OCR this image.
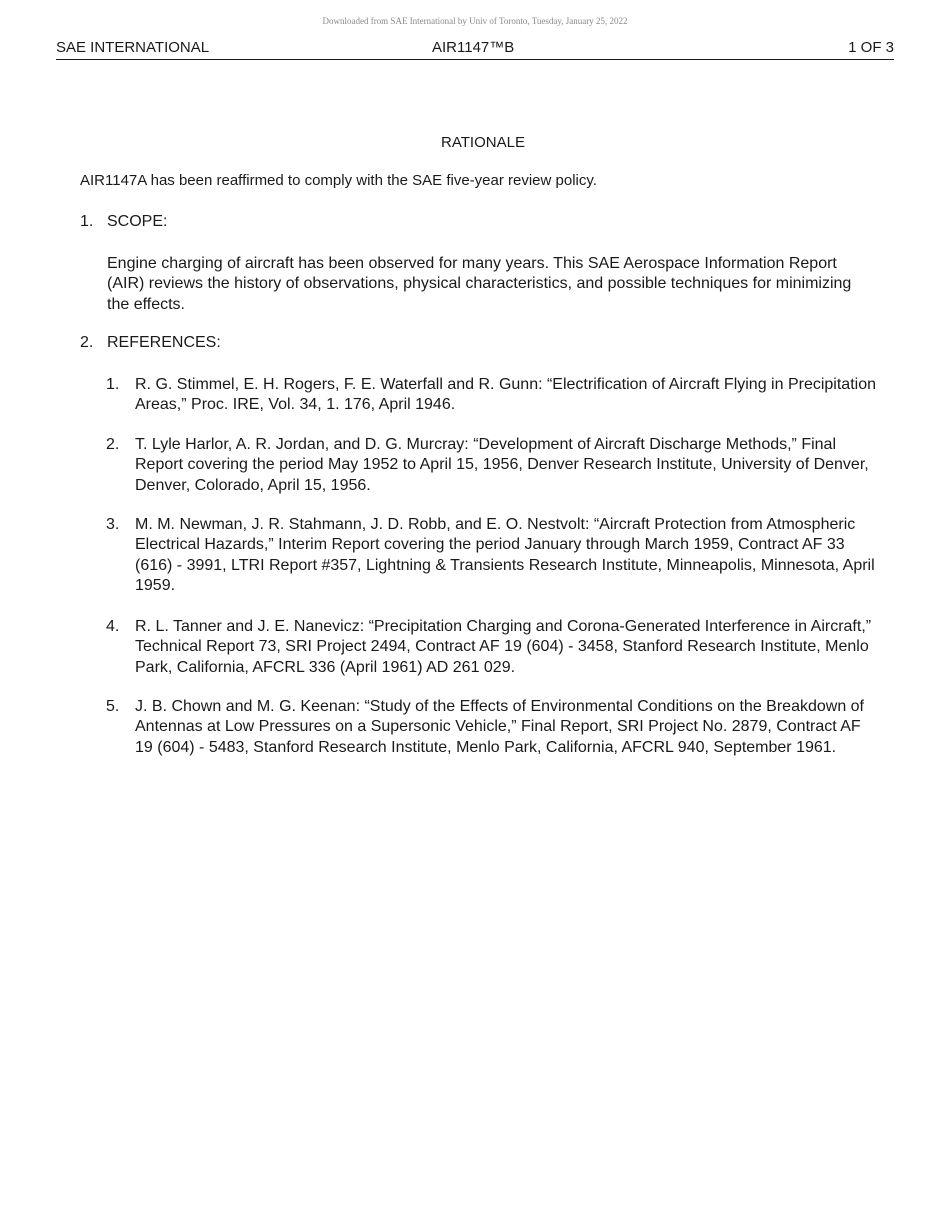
Downloaded from SAE International by Univ of Toronto, Tuesday, January 25, 2022
SAE INTERNATIONAL	AIR1147™B	1 OF 3
RATIONALE
AIR1147A has been reaffirmed to comply with the SAE five-year review policy.
1. SCOPE:
Engine charging of aircraft has been observed for many years. This SAE Aerospace Information Report (AIR) reviews the history of observations, physical characteristics, and possible techniques for minimizing the effects.
2. REFERENCES:
1. R. G. Stimmel, E. H. Rogers, F. E. Waterfall and R. Gunn: “Electrification of Aircraft Flying in Precipitation Areas,” Proc. IRE, Vol. 34, 1. 176, April 1946.
2. T. Lyle Harlor, A. R. Jordan, and D. G. Murcray: “Development of Aircraft Discharge Methods,” Final Report covering the period May 1952 to April 15, 1956, Denver Research Institute, University of Denver, Denver, Colorado, April 15, 1956.
3. M. M. Newman, J. R. Stahmann, J. D. Robb, and E. O. Nestvolt: “Aircraft Protection from Atmospheric Electrical Hazards,” Interim Report covering the period January through March 1959, Contract AF 33 (616) - 3991, LTRI Report #357, Lightning & Transients Research Institute, Minneapolis, Minnesota, April 1959.
4. R. L. Tanner and J. E. Nanevicz: “Precipitation Charging and Corona-Generated Interference in Aircraft,” Technical Report 73, SRI Project 2494, Contract AF 19 (604) - 3458, Stanford Research Institute, Menlo Park, California, AFCRL 336 (April 1961) AD 261 029.
5. J. B. Chown and M. G. Keenan: “Study of the Effects of Environmental Conditions on the Breakdown of Antennas at Low Pressures on a Supersonic Vehicle,” Final Report, SRI Project No. 2879, Contract AF 19 (604) - 5483, Stanford Research Institute, Menlo Park, California, AFCRL 940, September 1961.
